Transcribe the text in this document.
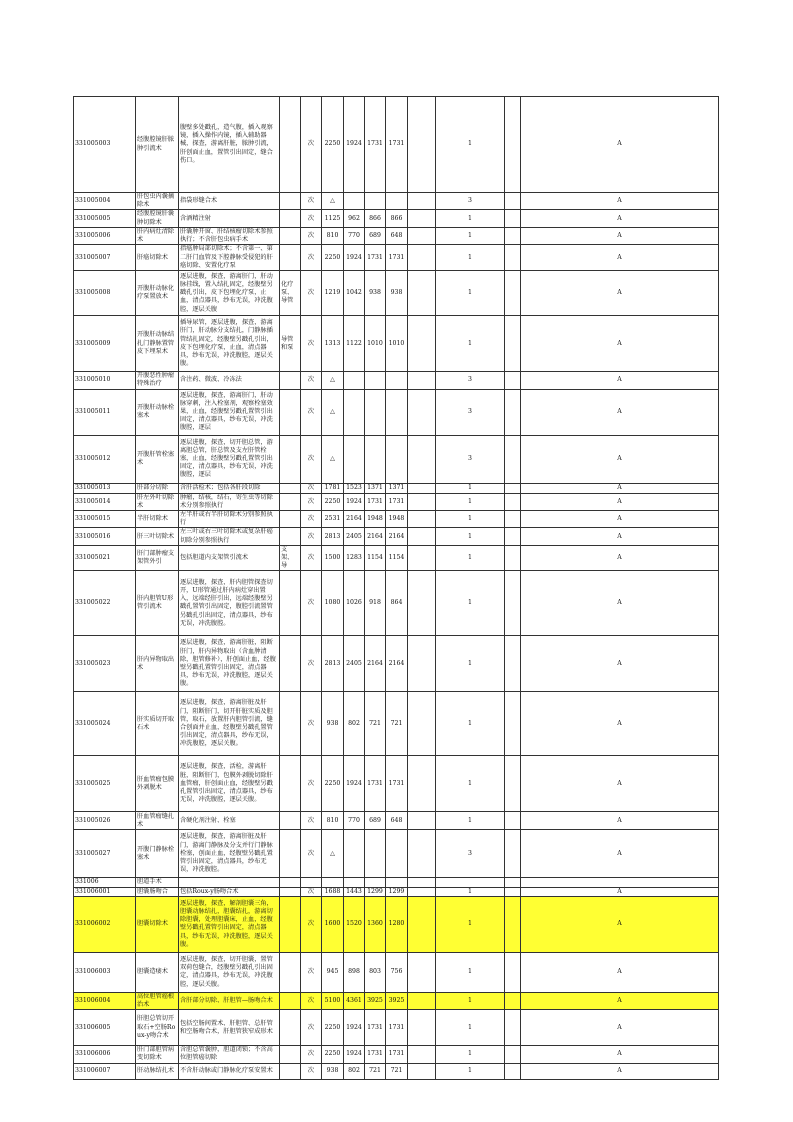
331005003	经腹腔镜肝脓肿引流术	腹壁多处戳孔，造气腹，插入观察镜，插入操作内镜，插入辅助器械，探查，游离肝脏，脓肿引流，肝创面止血，置管引出固定，缝合伤口。		次	2250	1924	1731	1731		1		A
331005004	肝包虫内囊摘除术	指袋形缝合术		次	△					3		A
331005005	经腹腔镜肝囊肿切除术	含酒精注射		次	1125	962	866	866		1		A
331005006	肝内病灶清除术	肝囊肿开窗、肝结核瘤切除术参照执行；不含肝包虫病手术		次	810	770	689	648		1		A
331005007	肝癌切除术	指癌肿局部切除术；不含第一、第二肝门血管及下腔静脉受侵犯的肝癌切除、安置化疗泵		次	2250	1924	1731	1731		1		A
331005008	开腹肝动脉化疗泵置放术	逐层进腹，探查，游离肝门，肝动脉挂线，置入结扎固定，经腹壁另戳孔引出，皮下包埋化疗泵，止血，清点器具，纱布无误，冲洗腹腔，逐层关腹	化疗泵、导管	次	1219	1042	938	938		1		A
331005009	开腹肝动脉结扎门静脉置管皮下埋泵术	插导尿管，逐层进腹，探查，游离肝门，肝动脉分支结扎，门静脉插管结扎固定，经腹壁另戳孔引出，皮下包埋化疗泵，止血，清点器具，纱布无误，冲洗腹腔，逐层关腹。	导管和泵	次	1313	1122	1010	1010		1		A
331005010	开腹恶性肿瘤特殊治疗	含注药、微波、冷冻法		次	△					3		A
331005011	开腹肝动脉栓塞术	逐层进腹，探查，游离肝门，肝动脉穿刺，注入栓塞剂，观察栓塞效果，止血，经腹壁另戳孔置管引出固定，清点器具，纱布无误，冲洗腹腔，逐层		次	△					3		A
331005012	开腹肝管栓塞术	逐层进腹，探查，切开胆总管，游离胆总管，肝总管及支左肝管栓塞，止血，经腹壁另戳孔置管引出固定，清点器具，纱布无误，冲洗腹腔，逐层		次	△					3		A
331005013	肝部分切除	含肝活检术；包括各肝段切除		次	1781	1523	1371	1371		1		A
331005014	肝左外叶切除术	肿瘤，结核，结石，寄生虫等切除术分别参照执行		次	2250	1924	1731	1731		1		A
331005015	半肝切除术	左半肝或右半肝切除术分别参照执行		次	2531	2164	1948	1948		1		A
331005016	肝三叶切除术	左三叶或右三叶切除术或复杂肝癌切除分别参照执行		次	2813	2405	2164	2164		1		A
331005021	肝门部肿瘤支架管外引	包括胆道内支架管引流术	支架、导	次	1500	1283	1154	1154		1		A
331005022	肝内胆管U形管引流术	逐层进腹，探查，肝内胆管探查切开，U形管通过肝内病灶穿出置入，远端经肝引出，远端经腹壁另戳孔置管引出固定，腹腔引流置管另戳孔引出固定，清点器具，纱布无误，冲洗腹腔。		次	1080	1026	918	864		1		A
331005023	肝内异物取出术	逐层进腹，探查，游离肝脏，阻断肝门，肝内异物取出（含血肿清除，胆管修补），肝创面止血，经腹壁另戳孔置管引出固定，清点器具，纱布无误，冲洗腹腔，逐层关腹。		次	2813	2405	2164	2164		1		A
331005024	肝实质切开取石术	逐层进腹，探查，游离肝脏及肝门，阻断肝门，切开肝脏实质及胆管，取石，放置肝内胆管引流，缝合创面并止血，经腹壁另戳孔置管引出固定，清点器具，纱布无误，冲洗腹腔，逐层关腹。		次	938	802	721	721		1		A
331005025	肝血管瘤包膜外剥脱术	逐层进腹，探查，活检，游离肝脏，阻断肝门，包膜外剥脱切除肝血管瘤，肝创面止血，经腹壁另戳孔置管引出固定，清点器具，纱布无误，冲洗腹腔，逐层关腹。		次	2250	1924	1731	1731		1		A
331005026	肝血管瘤缝扎术	含硬化剂注射、栓塞		次	810	770	689	648		1		A
331005027	开腹门静脉栓塞术	逐层进腹，探查，游离肝脏及肝门，游离门静脉及分支并行门静脉栓塞，创面止血，经腹壁另戳孔置管引出固定，清点器具，纱布无误，冲洗腹腔。		次	△					3		A
331006	胆道手术											
331006001	胆囊肠吻合	包括Roux-y肠吻合术		次	1688	1443	1299	1299		1		A
331006002	胆囊切除术	逐层进腹，探查，解剖胆囊三角，胆囊动脉结扎，胆囊结扎，游离切除胆囊，处理胆囊床，止血，经腹壁另戳孔置管引出固定，清点器具，纱布无误，冲洗腹腔，逐层关腹。		次	1600	1520	1360	1280		1		A
331006003	胆囊造瘘术	逐层进腹，探查，切开胆囊，置管双荷包缝合，经腹壁另戳孔引出固定，清点器具，纱布无误，冲洗腹腔，逐层关腹。		次	945	898	803	756		1		A
331006004	高位胆管癌根治术	含肝部分切除、肝胆管—肠吻合术		次	5100	4361	3925	3925		1		A
331006005	肝胆总管切开取石+空肠Roux-y吻合术	包括空肠间置术、肝胆管、总肝管和空肠吻合术，肝胆管狭窄成形术		次	2250	1924	1731	1731		1		A
331006006	肝门部胆管病变切除术	含胆总管囊肿，胆道闭锁；不含高位胆管癌切除		次	2250	1924	1731	1731		1		A
331006007	肝动脉结扎术	不含肝动脉或门静脉化疗泵安置术		次	938	802	721	721		1		A
